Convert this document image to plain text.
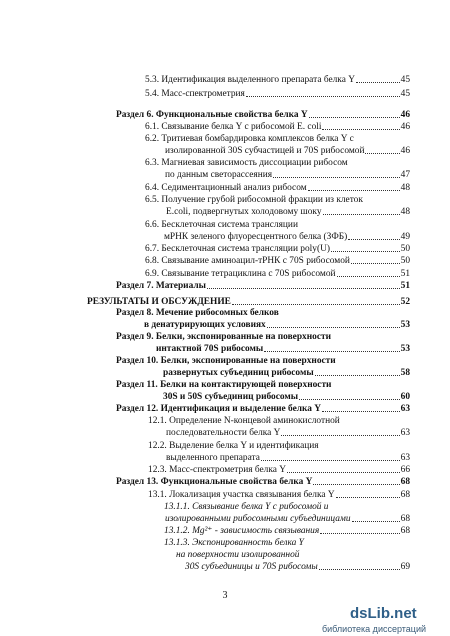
5.3. Идентификация выделенного препарата белка Y	45
5.4. Масс-спектрометрия	45
Раздел 6. Функциональные свойства белка Y	46
6.1. Связывание белка Y с рибосомой E. coli	46
6.2. Тритиевая бомбардировка комплексов белка Y с
изолированной 30S субчастицей и 70S рибосомой	46
6.3. Магниевая зависимость диссоциации рибосом
по данным светорассеяния	47
6.4. Седиментационный анализ рибосом	48
6.5. Получение грубой рибосомной фракции из клеток
E.coli, подвергнутых холодовому шоку	48
6.6. Бесклеточная система трансляции
мРНК зеленого флуоресцентного белка (ЗФБ)	49
6.7. Бесклеточная система трансляции poly(U)	50
6.8. Связывание аминоацил-тРНК с 70S рибосомой	50
6.9. Связывание тетрациклина с 70S рибосомой	51
Раздел 7. Материалы	51
РЕЗУЛЬТАТЫ И ОБСУЖДЕНИЕ	52
Раздел 8. Мечение рибосомных белков
в денатурирующих условиях	53
Раздел 9. Белки, экспонированные на поверхности
интактной 70S рибосомы	53
Раздел 10. Белки, экспонированные на поверхности
развернутых субъединиц рибосомы	58
Раздел 11. Белки на контактирующей поверхности
30S и 50S субъединиц рибосомы	60
Раздел 12. Идентификация и выделение белка Y	63
12.1. Определение N-концевой аминокислотной
последовательности белка Y	63
12.2. Выделение белка Y и идентификация
выделенного препарата	63
12.3. Масс-спектрометрия белка Y	66
Раздел 13. Функциональные свойства белка Y	68
13.1. Локализация участка связывания белка Y	68
13.1.1. Связывание белка Y с рибосомой и
изолированными рибосомными субъединицами	68
13.1.2. Mg²⁺ - зависимость связывания	68
13.1.3. Экспонированность белка Y
на поверхности изолированной
30S субъединицы и 70S рибосомы	69
3
dsLib.net
библиотека диссертаций
